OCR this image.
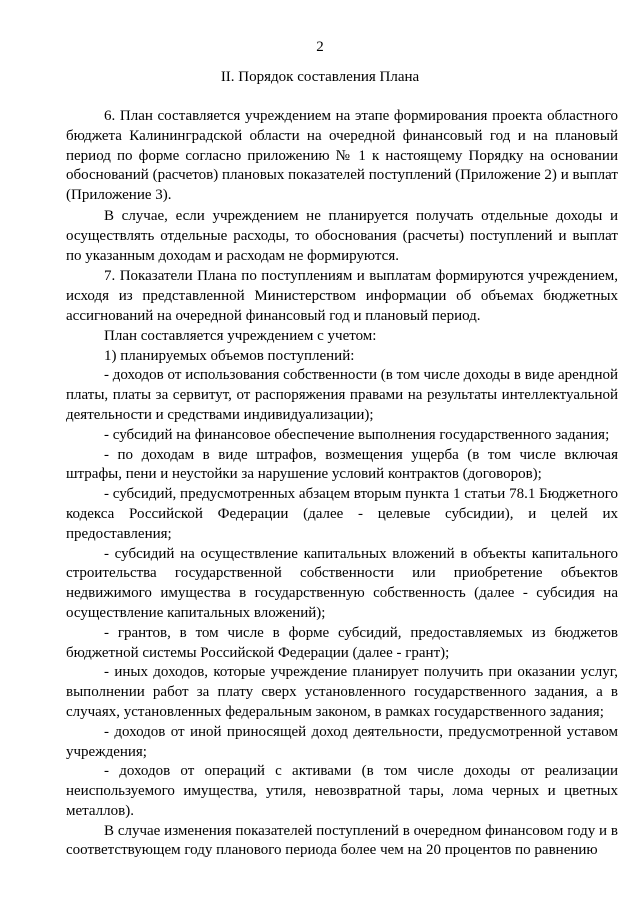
2
II. Порядок составления Плана

6. План составляется учреждением на этапе формирования проекта областного бюджета Калининградской области на очередной финансовый год и на плановый период по форме согласно приложению № 1 к настоящему Порядку на основании обоснований (расчетов) плановых показателей поступлений (Приложение 2) и выплат (Приложение 3).

В случае, если учреждением не планируется получать отдельные доходы и осуществлять отдельные расходы, то обоснования (расчеты) поступлений и выплат по указанным доходам и расходам не формируются.

7. Показатели Плана по поступлениям и выплатам формируются учреждением, исходя из представленной Министерством информации об объемах бюджетных ассигнований на очередной финансовый год и плановый период.

План составляется учреждением с учетом:

1) планируемых объемов поступлений:

- доходов от использования собственности (в том числе доходы в виде арендной платы, платы за сервитут, от распоряжения правами на результаты интеллектуальной деятельности и средствами индивидуализации);

- субсидий на финансовое обеспечение выполнения государственного задания;

- по доходам в виде штрафов, возмещения ущерба (в том числе включая штрафы, пени и неустойки за нарушение условий контрактов (договоров);

- субсидий, предусмотренных абзацем вторым пункта 1 статьи 78.1 Бюджетного кодекса Российской Федерации (далее - целевые субсидии), и целей их предоставления;

- субсидий на осуществление капитальных вложений в объекты капитального строительства государственной собственности или приобретение объектов недвижимого имущества в государственную собственность (далее - субсидия на осуществление капитальных вложений);

- грантов, в том числе в форме субсидий, предоставляемых из бюджетов бюджетной системы Российской Федерации (далее - грант);

- иных доходов, которые учреждение планирует получить при оказании услуг, выполнении работ за плату сверх установленного государственного задания, а в случаях, установленных федеральным законом, в рамках государственного задания;

- доходов от иной приносящей доход деятельности, предусмотренной уставом учреждения;

- доходов от операций с активами (в том числе доходы от реализации неиспользуемого имущества, утиля, невозвратной тары, лома черных и цветных металлов).

В случае изменения показателей поступлений в очередном финансовом году и в соответствующем году планового периода более чем на 20 процентов по равнению
